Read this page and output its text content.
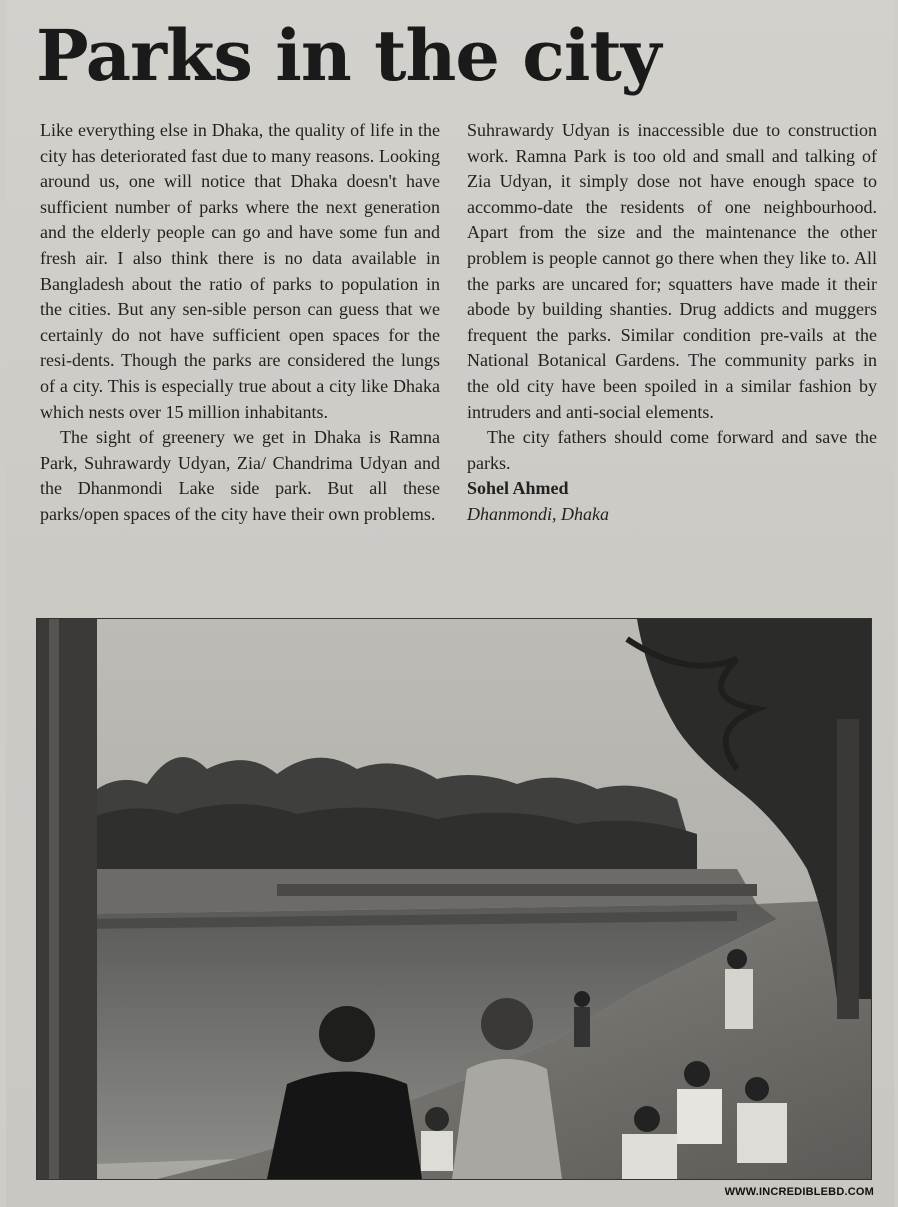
Parks in the city

Like everything else in Dhaka, the quality of life in the city has deteriorated fast due to many reasons. Looking around us, one will notice that Dhaka doesn't have sufficient number of parks where the next generation and the elderly people can go and have some fun and fresh air. I also think there is no data available in Bangladesh about the ratio of parks to population in the cities. But any sen-sible person can guess that we certainly do not have sufficient open spaces for the resi-dents. Though the parks are considered the lungs of a city. This is especially true about a city like Dhaka which nests over 15 million inhabitants.

The sight of greenery we get in Dhaka is Ramna Park, Suhrawardy Udyan, Zia/ Chandrima Udyan and the Dhanmondi Lake side park. But all these parks/open spaces of the city have their own problems.

Suhrawardy Udyan is inaccessible due to construction work. Ramna Park is too old and small and talking of Zia Udyan, it simply dose not have enough space to accommo-date the residents of one neighbourhood. Apart from the size and the maintenance the other problem is people cannot go there when they like to. All the parks are uncared for; squatters have made it their abode by building shanties. Drug addicts and muggers frequent the parks. Similar condition pre-vails at the National Botanical Gardens. The community parks in the old city have been spoiled in a similar fashion by intruders and anti-social elements.

The city fathers should come forward and save the parks.

Sohel Ahmed

Dhanmondi, Dhaka

WWW.INCREDIBLEBD.COM
